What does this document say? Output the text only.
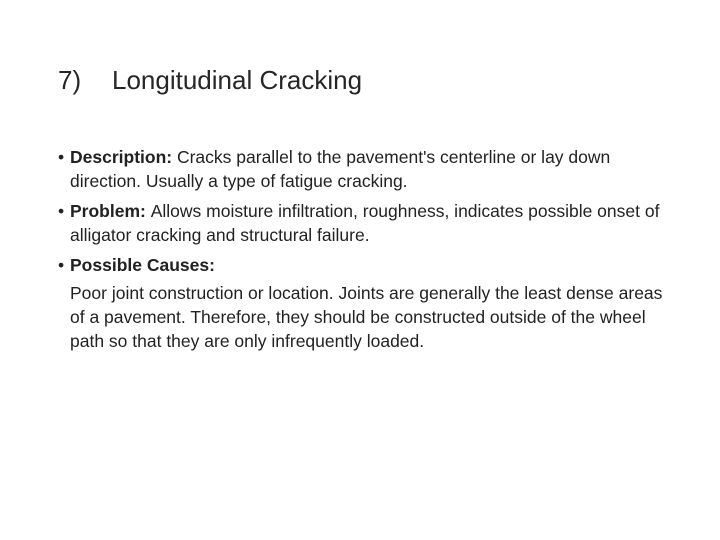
7) Longitudinal Cracking
• Description: Cracks parallel to the pavement's centerline or lay down direction. Usually a type of fatigue cracking.
• Problem: Allows moisture infiltration, roughness, indicates possible onset of alligator cracking and structural failure.
• Possible Causes:
Poor joint construction or location. Joints are generally the least dense areas of a pavement. Therefore, they should be constructed outside of the wheel path so that they are only infrequently loaded.
